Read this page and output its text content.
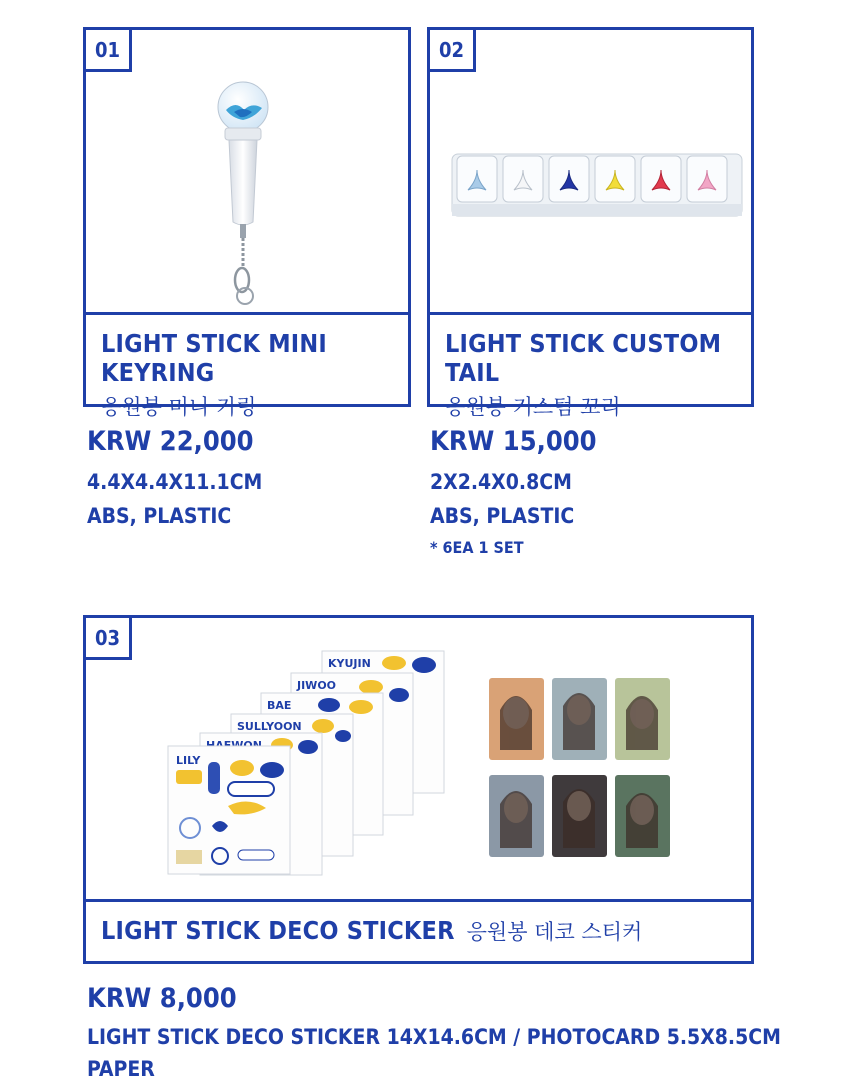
01
LIGHT STICK MINI KEYRING
응원봉 미니 키링
KRW 22,000
4.4X4.4X11.1CM
ABS, PLASTIC
02
LIGHT STICK CUSTOM TAIL
응원봉 커스텀 꼬리
KRW 15,000
2X2.4X0.8CM
ABS, PLASTIC
* 6EA 1 SET
03
KYUJIN
JIWOO
BAE
SULLYOON
LILY
LIGHT STICK DECO STICKER 응원봉 데코 스티커
KRW 8,000
LIGHT STICK DECO STICKER 14X14.6CM / PHOTOCARD 5.5X8.5CM
PAPER
